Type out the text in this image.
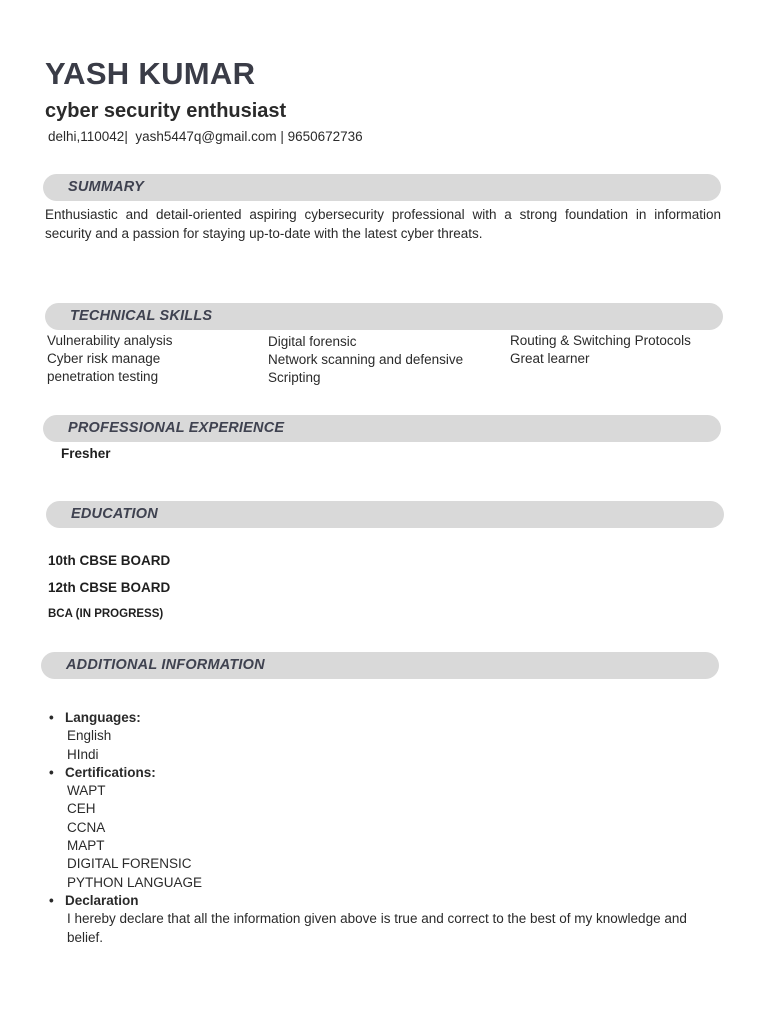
YASH KUMAR
cyber security enthusiast
delhi,110042|  yash5447q@gmail.com | 9650672736
SUMMARY
Enthusiastic and detail-oriented aspiring cybersecurity professional with a strong foundation in information security and a passion for staying up-to-date with the latest cyber threats.
TECHNICAL SKILLS
Vulnerability analysis
Cyber risk manage
penetration testing
Digital forensic
Network scanning and defensive
Scripting
Routing & Switching Protocols
Great learner
PROFESSIONAL EXPERIENCE
Fresher
EDUCATION
10th CBSE BOARD
12th CBSE BOARD
BCA (IN PROGRESS)
ADDITIONAL INFORMATION
• Languages:
English
HIndi
• Certifications:
WAPT
CEH
CCNA
MAPT
DIGITAL FORENSIC
PYTHON LANGUAGE
• Declaration
I hereby declare that all the information given above is true and correct to the best of my knowledge and belief.
